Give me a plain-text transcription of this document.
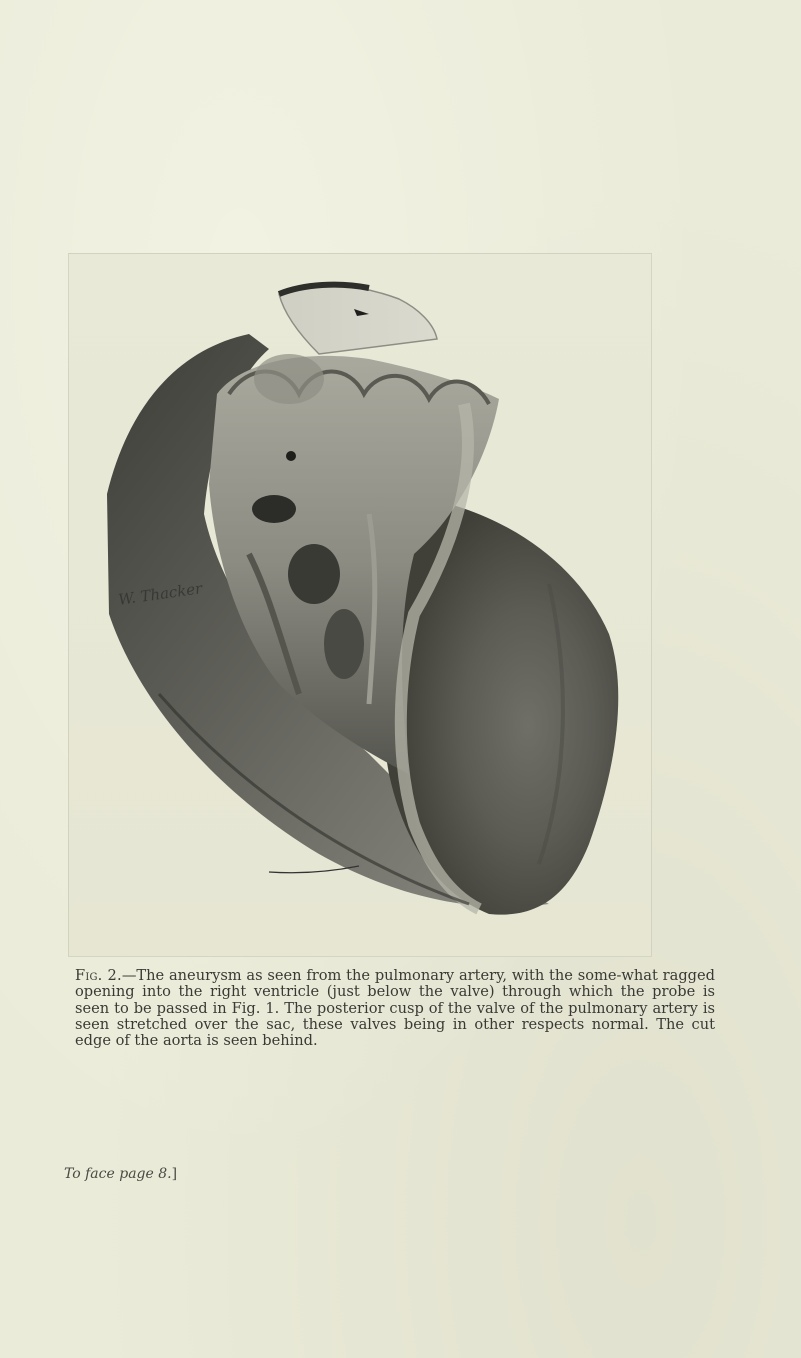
W. Thacker
Fig. 2.—The aneurysm as seen from the pulmonary artery, with the some-what ragged opening into the right ventricle (just below the valve) through which the probe is seen to be passed in Fig. 1. The posterior cusp of the valve of the pulmonary artery is seen stretched over the sac, these valves being in other respects normal. The cut edge of the aorta is seen behind.
To face page 8.]
